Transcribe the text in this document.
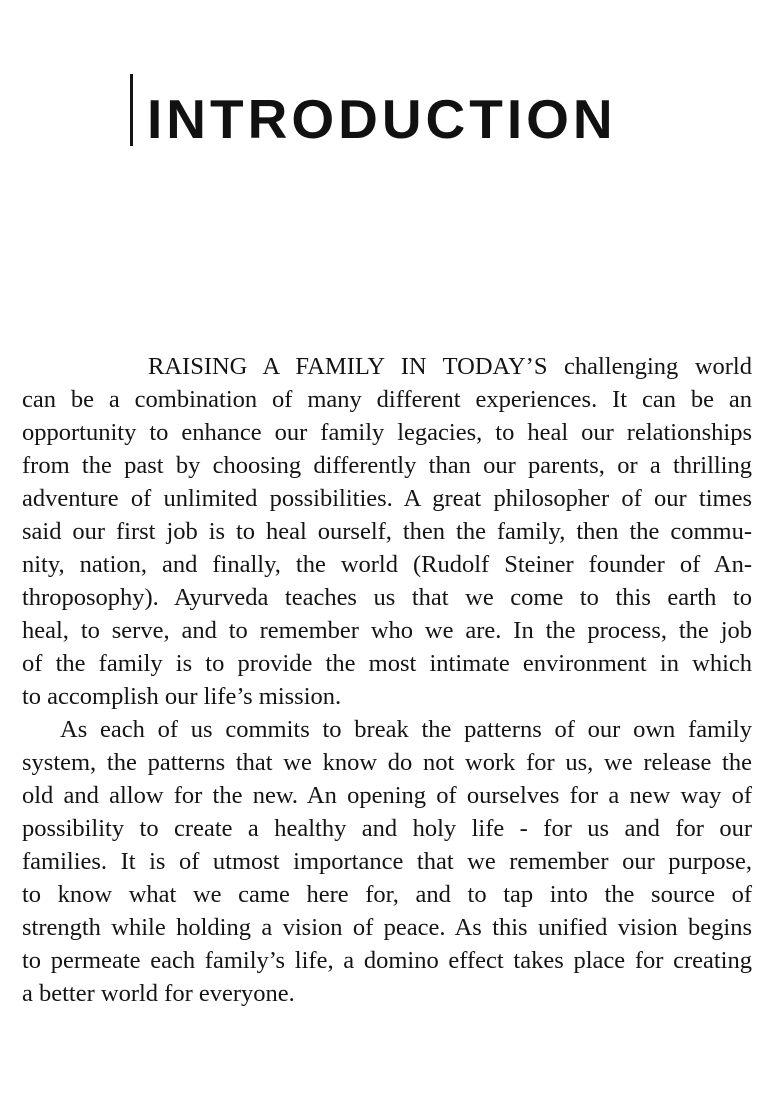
INTRODUCTION
RAISING A FAMILY IN TODAY’S challenging world
can be a combination of many different experiences. It can be an
opportunity to enhance our family legacies, to heal our relationships
from the past by choosing differently than our parents, or a thrilling
adventure of unlimited possibilities. A great philosopher of our times
said our first job is to heal ourself, then the family, then the commu-
nity, nation, and finally, the world (Rudolf Steiner founder of An-
throposophy). Ayurveda teaches us that we come to this earth to
heal, to serve, and to remember who we are. In the process, the job
of the family is to provide the most intimate environment in which
to accomplish our life’s mission.
As each of us commits to break the patterns of our own family
system, the patterns that we know do not work for us, we release the
old and allow for the new. An opening of ourselves for a new way of
possibility to create a healthy and holy life - for us and for our
families. It is of utmost importance that we remember our purpose,
to know what we came here for, and to tap into the source of
strength while holding a vision of peace. As this unified vision begins
to permeate each family’s life, a domino effect takes place for creating
a better world for everyone.
